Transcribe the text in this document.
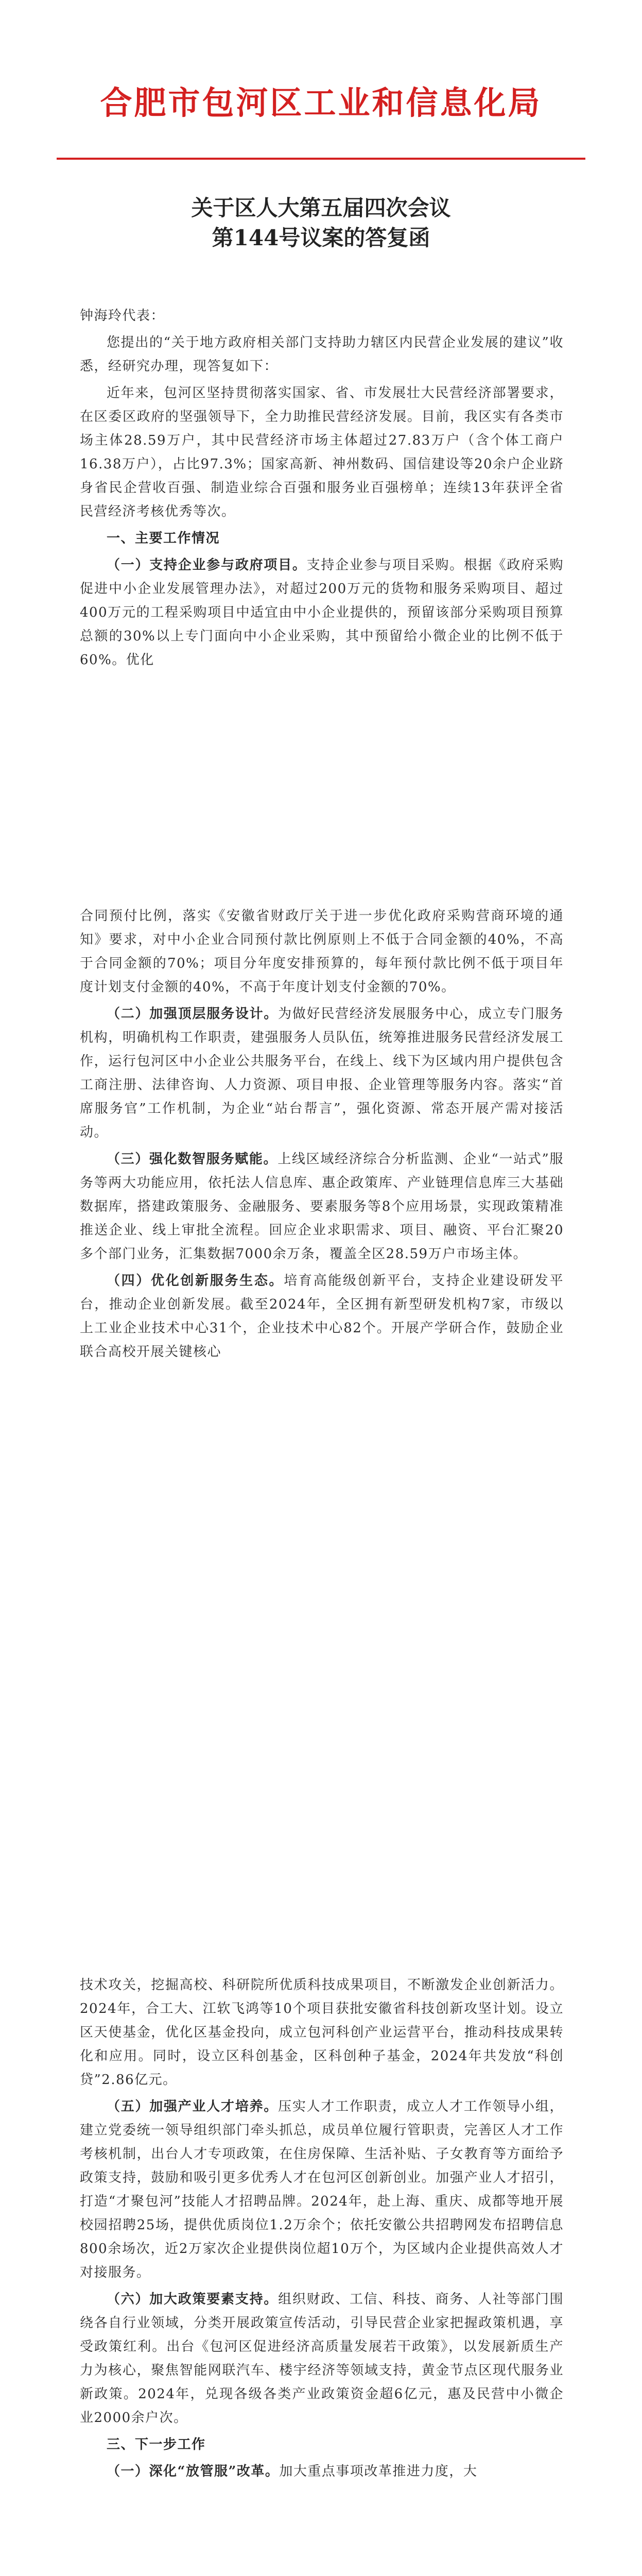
合肥市包河区工业和信息化局
关于区人大第五届四次会议
第144号议案的答复函

钟海玲代表：

您提出的“关于地方政府相关部门支持助力辖区内民营企业发展的建议”收悉，经研究办理，现答复如下：

近年来，包河区坚持贯彻落实国家、省、市发展壮大民营经济部署要求，在区委区政府的坚强领导下，全力助推民营经济发展。目前，我区实有各类市场主体28.59万户，其中民营经济市场主体超过27.83万户（含个体工商户16.38万户），占比97.3%；国家高新、神州数码、国信建设等20余户企业跻身省民企营收百强、制造业综合百强和服务业百强榜单；连续13年获评全省民营经济考核优秀等次。

一、主要工作情况

（一）支持企业参与政府项目。支持企业参与项目采购。根据《政府采购促进中小企业发展管理办法》，对超过200万元的货物和服务采购项目、超过400万元的工程采购项目中适宜由中小企业提供的，预留该部分采购项目预算总额的30%以上专门面向中小企业采购，其中预留给小微企业的比例不低于60%。优化

合同预付比例，落实《安徽省财政厅关于进一步优化政府采购营商环境的通知》要求，对中小企业合同预付款比例原则上不低于合同金额的40%，不高于合同金额的70%；项目分年度安排预算的，每年预付款比例不低于项目年度计划支付金额的40%，不高于年度计划支付金额的70%。

（二）加强顶层服务设计。为做好民营经济发展服务中心，成立专门服务机构，明确机构工作职责，建强服务人员队伍，统筹推进服务民营经济发展工作，运行包河区中小企业公共服务平台，在线上、线下为区域内用户提供包含工商注册、法律咨询、人力资源、项目申报、企业管理等服务内容。落实“首席服务官”工作机制，为企业“站台帮言”，强化资源、常态开展产需对接活动。

（三）强化数智服务赋能。上线区域经济综合分析监测、企业“一站式”服务等两大功能应用，依托法人信息库、惠企政策库、产业链理信息库三大基础数据库，搭建政策服务、金融服务、要素服务等8个应用场景，实现政策精准推送企业、线上审批全流程。回应企业求职需求、项目、融资、平台汇聚20多个部门业务，汇集数据7000余万条，覆盖全区28.59万户市场主体。

（四）优化创新服务生态。培育高能级创新平台，支持企业建设研发平台，推动企业创新发展。截至2024年，全区拥有新型研发机构7家，市级以上工业企业技术中心31个，企业技术中心82个。开展产学研合作，鼓励企业联合高校开展关键核心

技术攻关，挖掘高校、科研院所优质科技成果项目，不断激发企业创新活力。2024年，合工大、江软飞鸿等10个项目获批安徽省科技创新攻坚计划。设立区天使基金，优化区基金投向，成立包河科创产业运营平台，推动科技成果转化和应用。同时，设立区科创基金，区科创种子基金，2024年共发放“科创贷”2.86亿元。

（五）加强产业人才培养。压实人才工作职责，成立人才工作领导小组，建立党委统一领导组织部门牵头抓总，成员单位履行管职责，完善区人才工作考核机制，出台人才专项政策，在住房保障、生活补贴、子女教育等方面给予政策支持，鼓励和吸引更多优秀人才在包河区创新创业。加强产业人才招引，打造“才聚包河”技能人才招聘品牌。2024年，赴上海、重庆、成都等地开展校园招聘25场，提供优质岗位1.2万余个；依托安徽公共招聘网发布招聘信息800余场次，近2万家次企业提供岗位超10万个，为区域内企业提供高效人才对接服务。

（六）加大政策要素支持。组织财政、工信、科技、商务、人社等部门围绕各自行业领域，分类开展政策宣传活动，引导民营企业家把握政策机遇，享受政策红利。出台《包河区促进经济高质量发展若干政策》，以发展新质生产力为核心，聚焦智能网联汽车、楼宇经济等领域支持，黄金节点区现代服务业新政策。2024年，兑现各级各类产业政策资金超6亿元，惠及民营中小微企业2000余户次。

三、下一步工作

（一）深化“放管服”改革。加大重点事项改革推进力度，大
